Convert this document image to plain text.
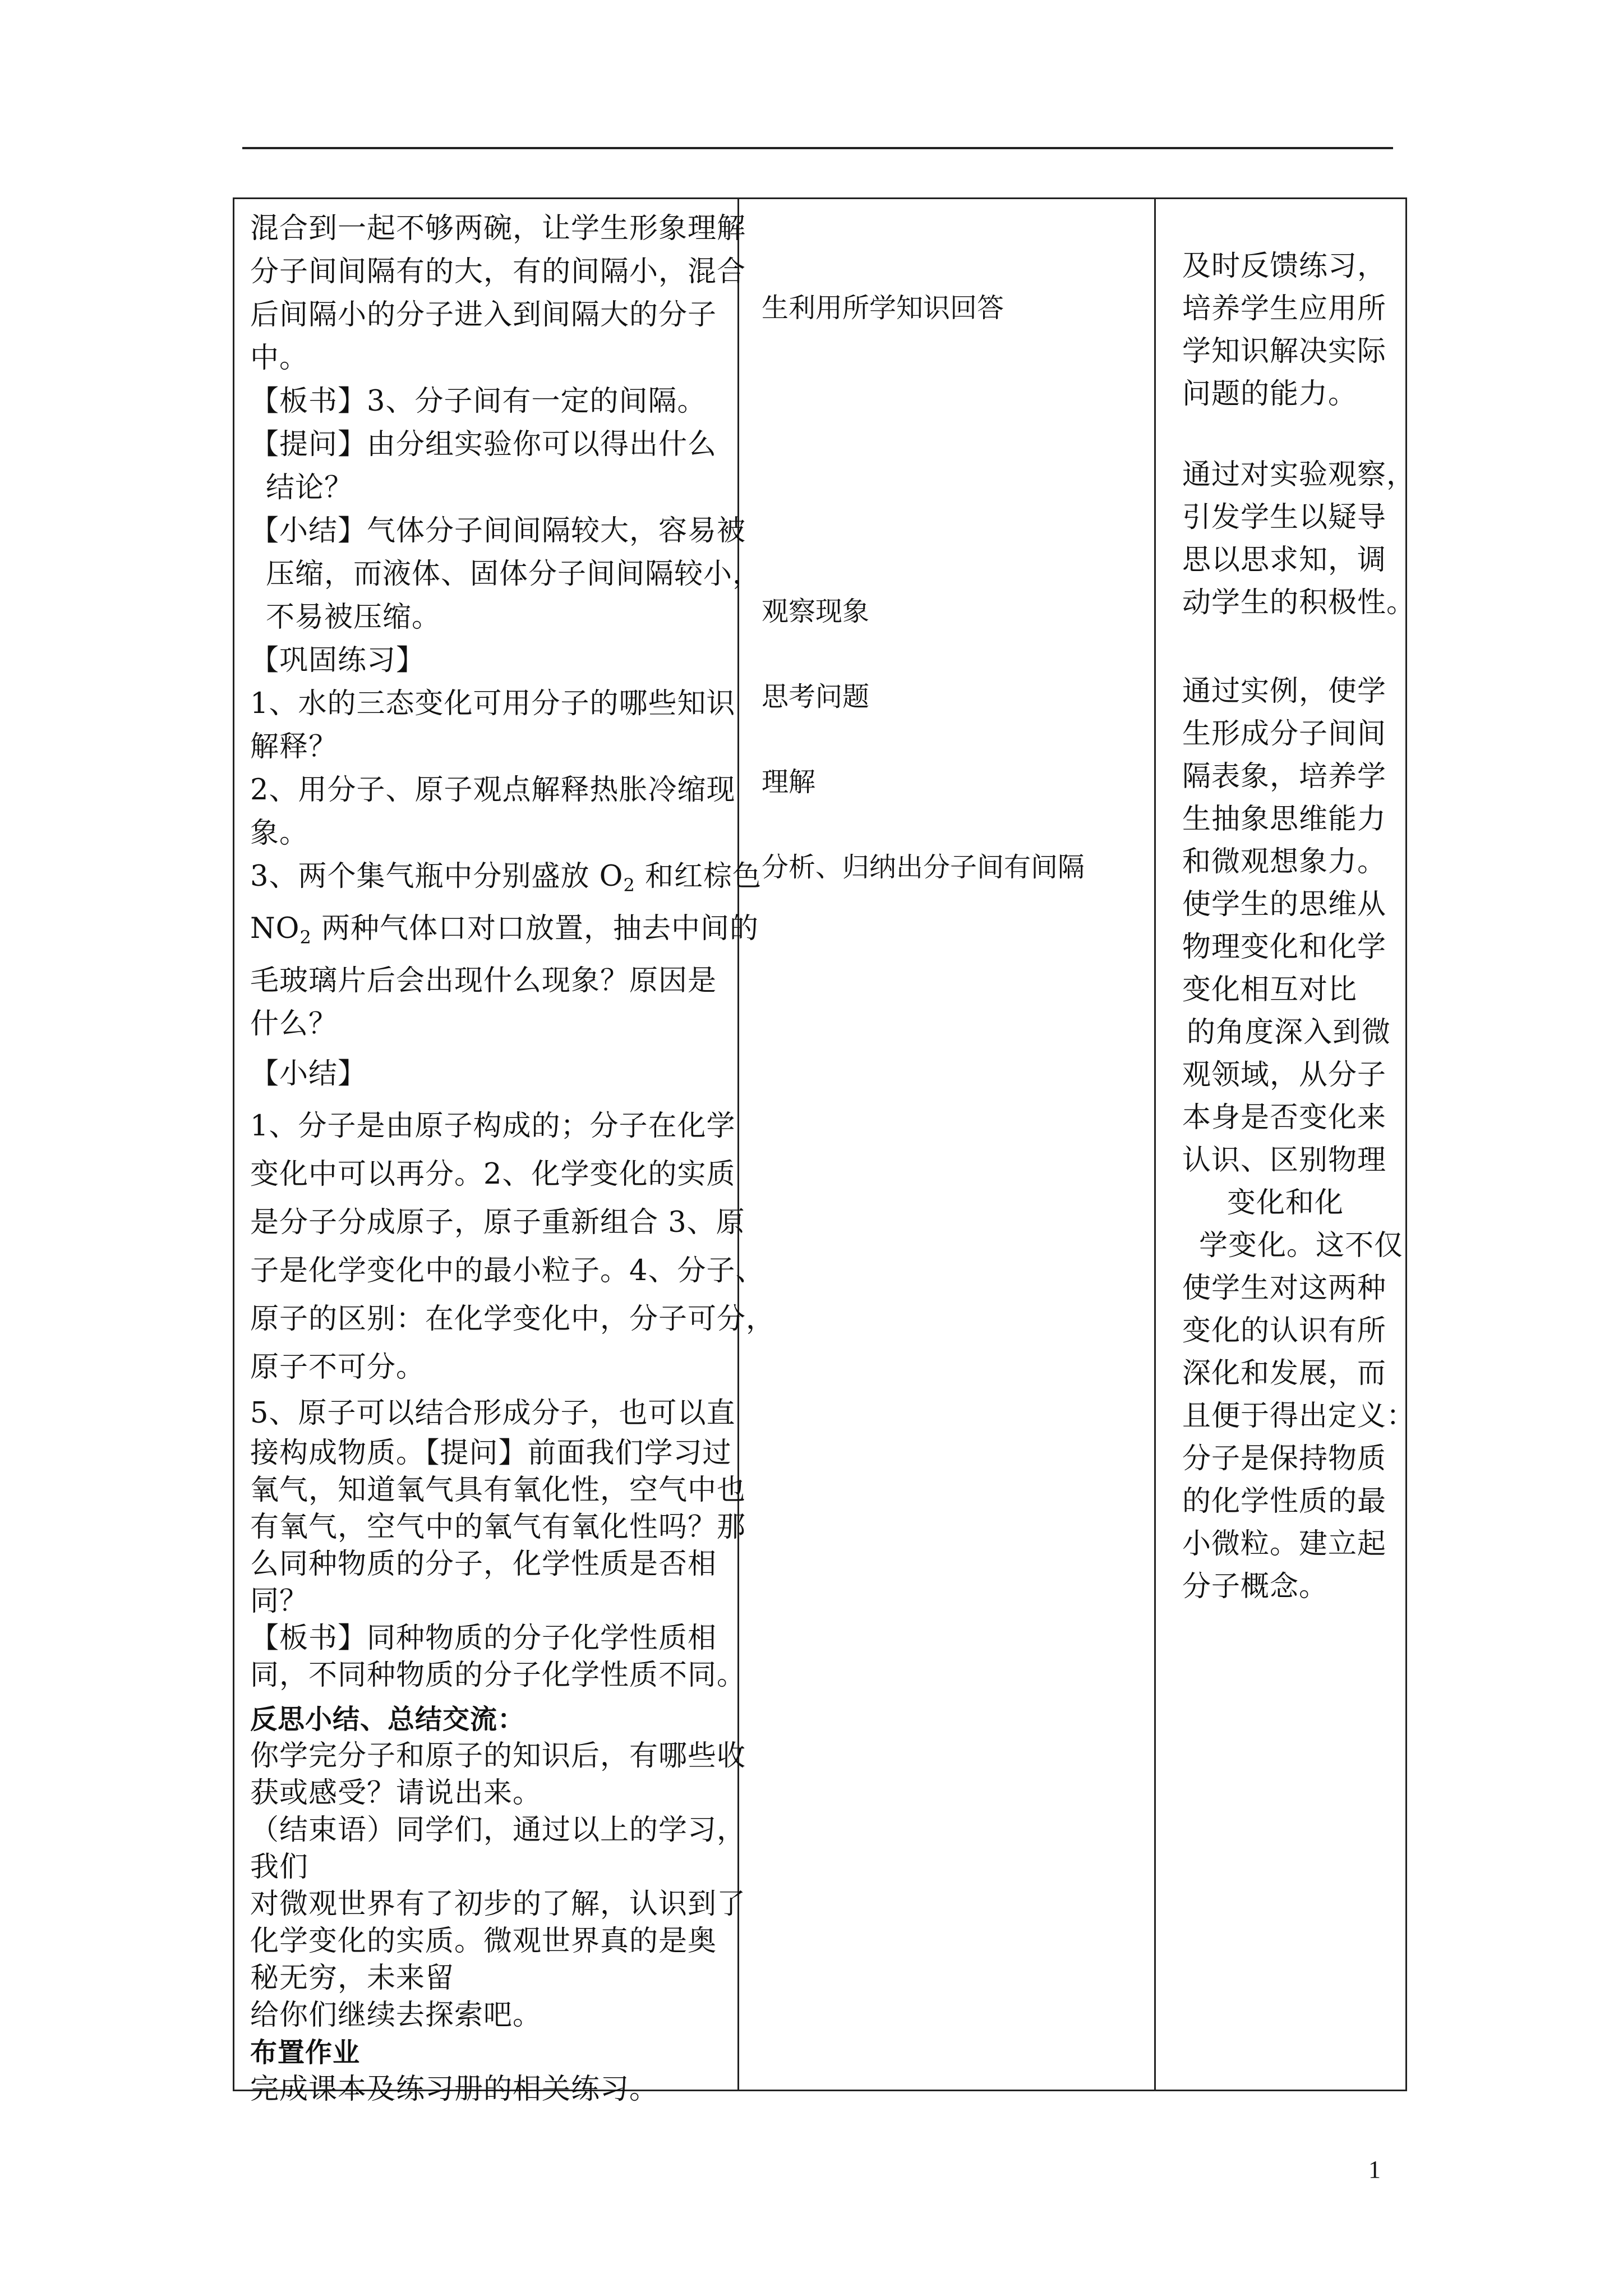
混合到一起不够两碗，让学生形象理解
分子间间隔有的大，有的间隔小，混合
后间隔小的分子进入到间隔大的分子
中。
【板书】3、分子间有一定的间隔。
【提问】由分组实验你可以得出什么
结论？
【小结】气体分子间间隔较大，容易被
压缩，而液体、固体分子间间隔较小，
不易被压缩。
【巩固练习】
1、水的三态变化可用分子的哪些知识
解释？
2、用分子、原子观点解释热胀冷缩现
象。
3、两个集气瓶中分别盛放 $O_2$ 和红棕色
$NO_2$ 两种气体口对口放置，抽去中间的
毛玻璃片后会出现什么现象？原因是
什么？
【小结】
1、分子是由原子构成的；分子在化学
变化中可以再分。2、化学变化的实质
是分子分成原子，原子重新组合 3、原
子是化学变化中的最小粒子。4、分子、
原子的区别：在化学变化中，分子可分，
原子不可分。
5、原子可以结合形成分子，也可以直
接构成物质。【提问】前面我们学习过
氧气，知道氧气具有氧化性，空气中也
有氧气，空气中的氧气有氧化性吗？那
么同种物质的分子，化学性质是否相
同？
【板书】同种物质的分子化学性质相
同，不同种物质的分子化学性质不同。
反思小结、总结交流：
你学完分子和原子的知识后，有哪些收
获或感受？请说出来。
（结束语）同学们，通过以上的学习，
我们
对微观世界有了初步的了解，认识到了
化学变化的实质。微观世界真的是奥
秘无穷，未来留
给你们继续去探索吧。
布置作业
完成课本及练习册的相关练习。
生利用所学知识回答
观察现象
思考问题
理解
分析、归纳出分子间有间隔
及时反馈练习，
培养学生应用所
学知识解决实际
问题的能力。
通过对实验观察，
引发学生以疑导
思以思求知，调
动学生的积极性。
通过实例，使学
生形成分子间间
隔表象，培养学
生抽象思维能力
和微观想象力。
使学生的思维从
物理变化和化学
变化相互对比
的角度深入到微
观领域，从分子
本身是否变化来
认识、区别物理
变化和化
学变化。这不仅
使学生对这两种
变化的认识有所
深化和发展，而
且便于得出定义：
分子是保持物质
的化学性质的最
小微粒。建立起
分子概念。
1
